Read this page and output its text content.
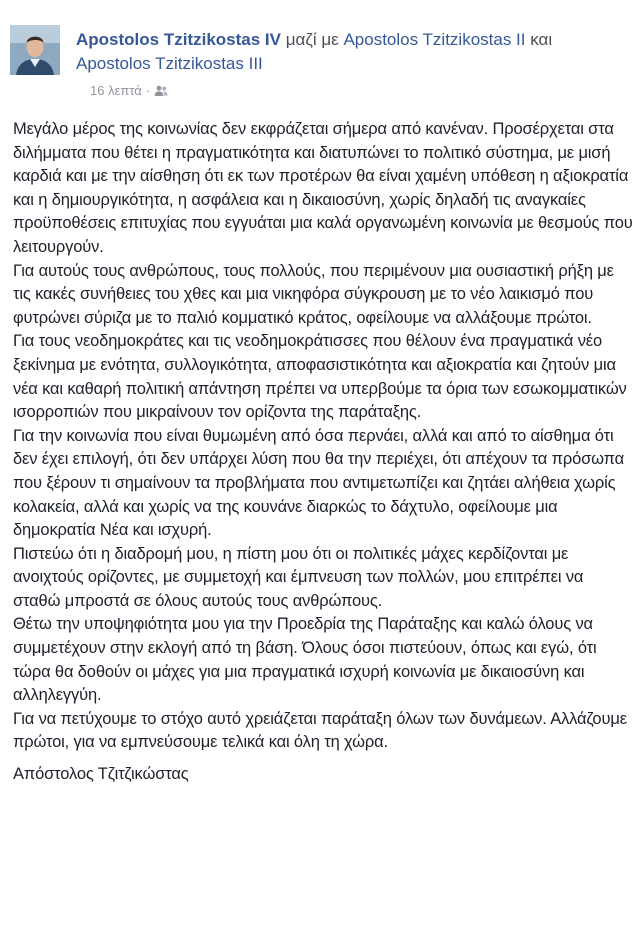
Apostolos Tzitzikostas IV μαζί με Apostolos Tzitzikostas II και Apostolos Tzitzikostas III
16 λεπτά ·

Μεγάλο μέρος της κοινωνίας δεν εκφράζεται σήμερα από κανέναν. Προσέρχεται στα διλήμματα που θέτει η πραγματικότητα και διατυπώνει το πολιτικό σύστημα, με μισή καρδιά και με την αίσθηση ότι εκ των προτέρων θα είναι χαμένη υπόθεση η αξιοκρατία και η δημιουργικότητα, η ασφάλεια και η δικαιοσύνη, χωρίς δηλαδή τις αναγκαίες προϋποθέσεις επιτυχίας που εγγυάται μια καλά οργανωμένη κοινωνία με θεσμούς που λειτουργούν.

Για αυτούς τους ανθρώπους, τους πολλούς, που περιμένουν μια ουσιαστική ρήξη με τις κακές συνήθειες του χθες και μια νικηφόρα σύγκρουση με το νέο λαικισμό που φυτρώνει σύριζα με το παλιό κομματικό κράτος, οφείλουμε να αλλάξουμε πρώτοι.

Για τους νεοδημοκράτες και τις νεοδημοκράτισσες που θέλουν ένα πραγματικά νέο ξεκίνημα με ενότητα, συλλογικότητα, αποφασιστικότητα και αξιοκρατία και ζητούν μια νέα και καθαρή πολιτική απάντηση πρέπει να υπερβούμε τα όρια των εσωκομματικών ισορροπιών που μικραίνουν τον ορίζοντα της παράταξης.

Για την κοινωνία που είναι θυμωμένη από όσα περνάει, αλλά και από το αίσθημα ότι δεν έχει επιλογή, ότι δεν υπάρχει λύση που θα την περιέχει, ότι απέχουν τα πρόσωπα που ξέρουν τι σημαίνουν τα προβλήματα που αντιμετωπίζει και ζητάει αλήθεια χωρίς κολακεία, αλλά και χωρίς να της κουνάνε διαρκώς το δάχτυλο, οφείλουμε μια δημοκρατία Νέα και ισχυρή.

Πιστεύω ότι η διαδρομή μου, η πίστη μου ότι οι πολιτικές μάχες κερδίζονται με ανοιχτούς ορίζοντες, με συμμετοχή και έμπνευση των πολλών, μου επιτρέπει να σταθώ μπροστά σε όλους αυτούς τους ανθρώπους.

Θέτω την υποψηφιότητα μου για την Προεδρία της Παράταξης και καλώ όλους να συμμετέχουν στην εκλογή από τη βάση. Όλους όσοι πιστεύουν, όπως και εγώ, ότι τώρα θα δοθούν οι μάχες για μια πραγματικά ισχυρή κοινωνία με δικαιοσύνη και αλληλεγγύη.

Για να πετύχουμε το στόχο αυτό χρειάζεται παράταξη όλων των δυνάμεων. Αλλάζουμε πρώτοι, για να εμπνεύσουμε τελικά και όλη τη χώρα.

Απόστολος Τζιτζικώστας
